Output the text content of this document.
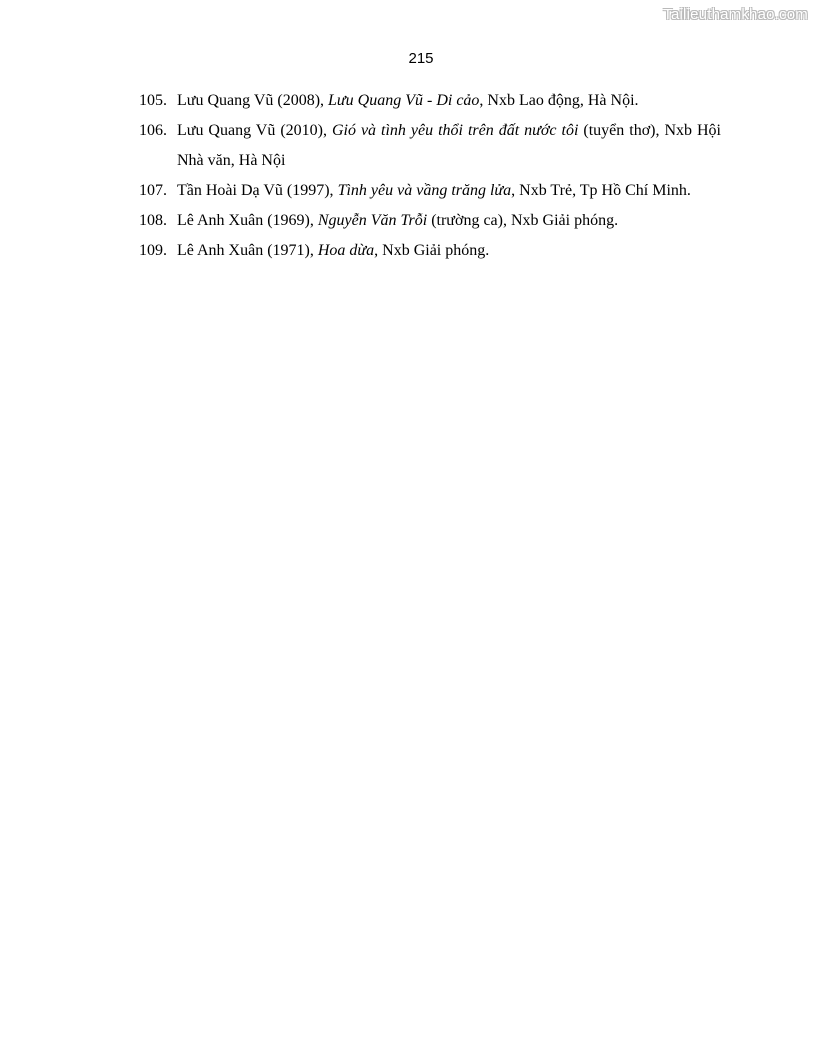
Tailieuthamkhao.com
215
105. Lưu Quang Vũ (2008), Lưu Quang Vũ - Di cảo, Nxb Lao động, Hà Nội.
106. Lưu Quang Vũ (2010), Gió và tình yêu thổi trên đất nước tôi (tuyển thơ), Nxb Hội Nhà văn, Hà Nội
107. Tần Hoài Dạ Vũ (1997), Tình yêu và vầng trăng lửa, Nxb Trẻ, Tp Hồ Chí Minh.
108. Lê Anh Xuân (1969), Nguyễn Văn Trỗi (trường ca), Nxb Giải phóng.
109. Lê Anh Xuân (1971), Hoa dừa, Nxb Giải phóng.
